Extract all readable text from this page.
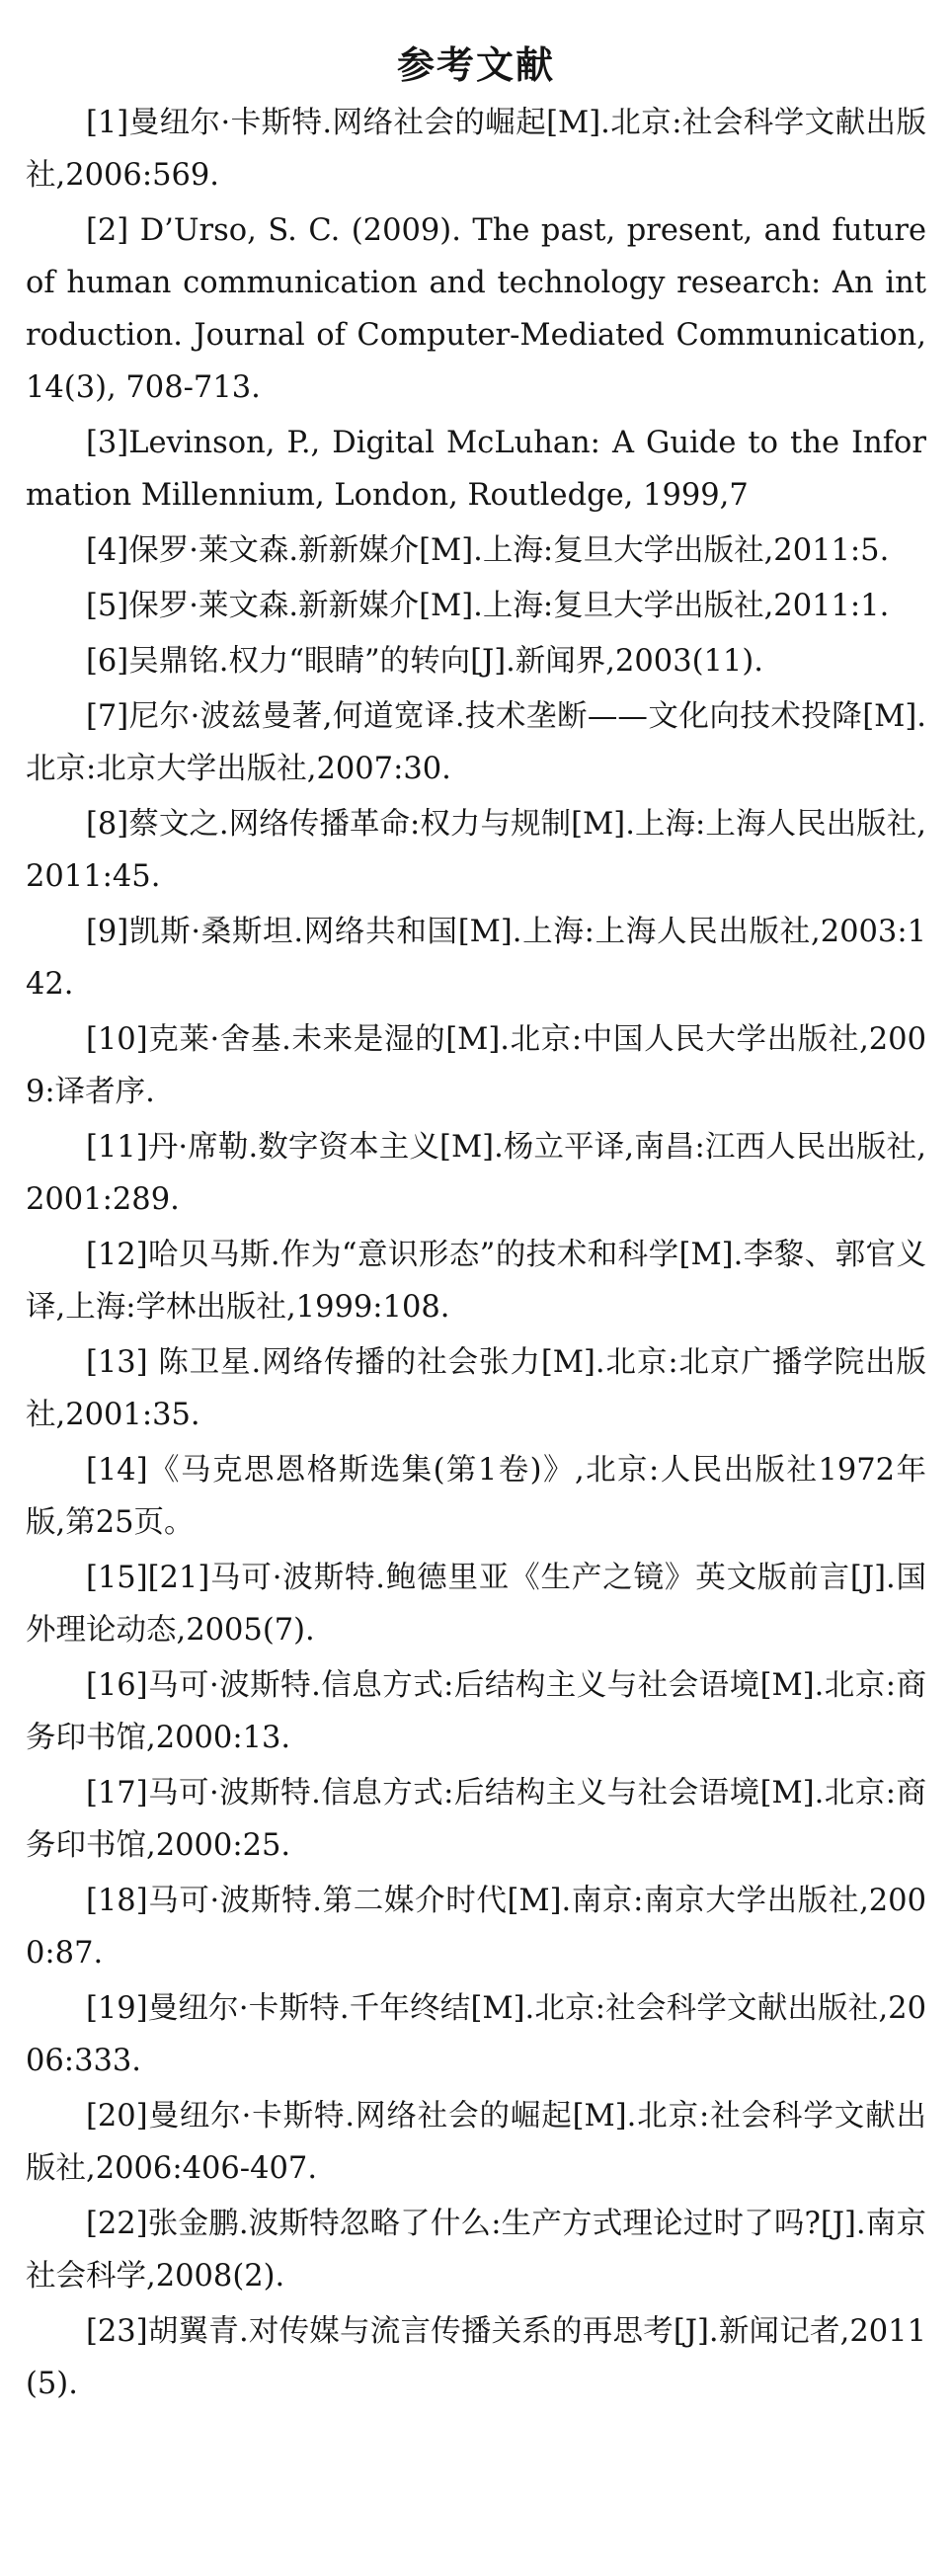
参考文献
[1]曼纽尔·卡斯特.网络社会的崛起[M].北京:社会科学文献出版社,2006:569.
[2] D’Urso, S. C. (2009). The past, present, and future of human communication and technology research: An introduction. Journal of Computer-Mediated Communication, 14(3), 708-713.
[3]Levinson, P., Digital McLuhan: A Guide to the Information Millennium, London, Routledge, 1999,7
[4]保罗·莱文森.新新媒介[M].上海:复旦大学出版社,2011:5.
[5]保罗·莱文森.新新媒介[M].上海:复旦大学出版社,2011:1.
[6]吴鼎铭.权力“眼睛”的转向[J].新闻界,2003(11).
[7]尼尔·波兹曼著,何道宽译.技术垄断——文化向技术投降[M].北京:北京大学出版社,2007:30.
[8]蔡文之.网络传播革命:权力与规制[M].上海:上海人民出版社,2011:45.
[9]凯斯·桑斯坦.网络共和国[M].上海:上海人民出版社,2003:142.
[10]克莱·舍基.未来是湿的[M].北京:中国人民大学出版社,2009:译者序.
[11]丹·席勒.数字资本主义[M].杨立平译,南昌:江西人民出版社,2001:289.
[12]哈贝马斯.作为“意识形态”的技术和科学[M].李黎、郭官义译,上海:学林出版社,1999:108.
[13] 陈卫星.网络传播的社会张力[M].北京:北京广播学院出版社,2001:35.
[14]《马克思恩格斯选集(第1卷)》,北京:人民出版社1972年版,第25页。
[15][21]马可·波斯特.鲍德里亚《生产之镜》英文版前言[J].国外理论动态,2005(7).
[16]马可·波斯特.信息方式:后结构主义与社会语境[M].北京:商务印书馆,2000:13.
[17]马可·波斯特.信息方式:后结构主义与社会语境[M].北京:商务印书馆,2000:25.
[18]马可·波斯特.第二媒介时代[M].南京:南京大学出版社,2000:87.
[19]曼纽尔·卡斯特.千年终结[M].北京:社会科学文献出版社,2006:333.
[20]曼纽尔·卡斯特.网络社会的崛起[M].北京:社会科学文献出版社,2006:406-407.
[22]张金鹏.波斯特忽略了什么:生产方式理论过时了吗?[J].南京社会科学,2008(2).
[23]胡翼青.对传媒与流言传播关系的再思考[J].新闻记者,2011(5).
